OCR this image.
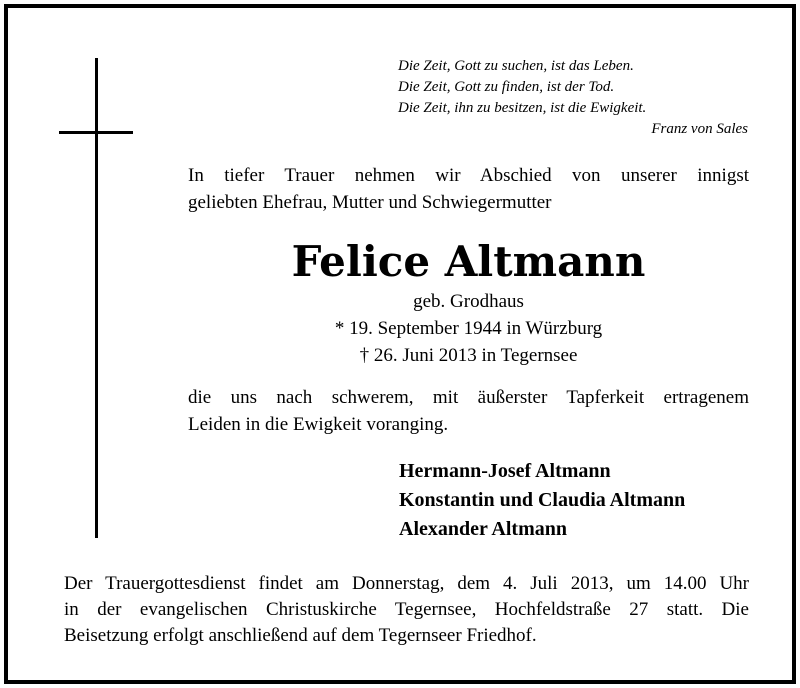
Die Zeit, Gott zu suchen, ist das Leben.
Die Zeit, Gott zu finden, ist der Tod.
Die Zeit, ihn zu besitzen, ist die Ewigkeit.
Franz von Sales
In tiefer Trauer nehmen wir Abschied von unserer innigst
geliebten Ehefrau, Mutter und Schwiegermutter
Felice Altmann
geb. Grodhaus
* 19. September 1944 in Würzburg
† 26. Juni 2013 in Tegernsee
die uns nach schwerem, mit äußerster Tapferkeit ertragenem
Leiden in die Ewigkeit voranging.
Hermann-Josef Altmann
Konstantin und Claudia Altmann
Alexander Altmann
Der Trauergottesdienst findet am Donnerstag, dem 4. Juli 2013, um 14.00 Uhr
in der evangelischen Christuskirche Tegernsee, Hochfeldstraße 27 statt. Die
Beisetzung erfolgt anschließend auf dem Tegernseer Friedhof.
